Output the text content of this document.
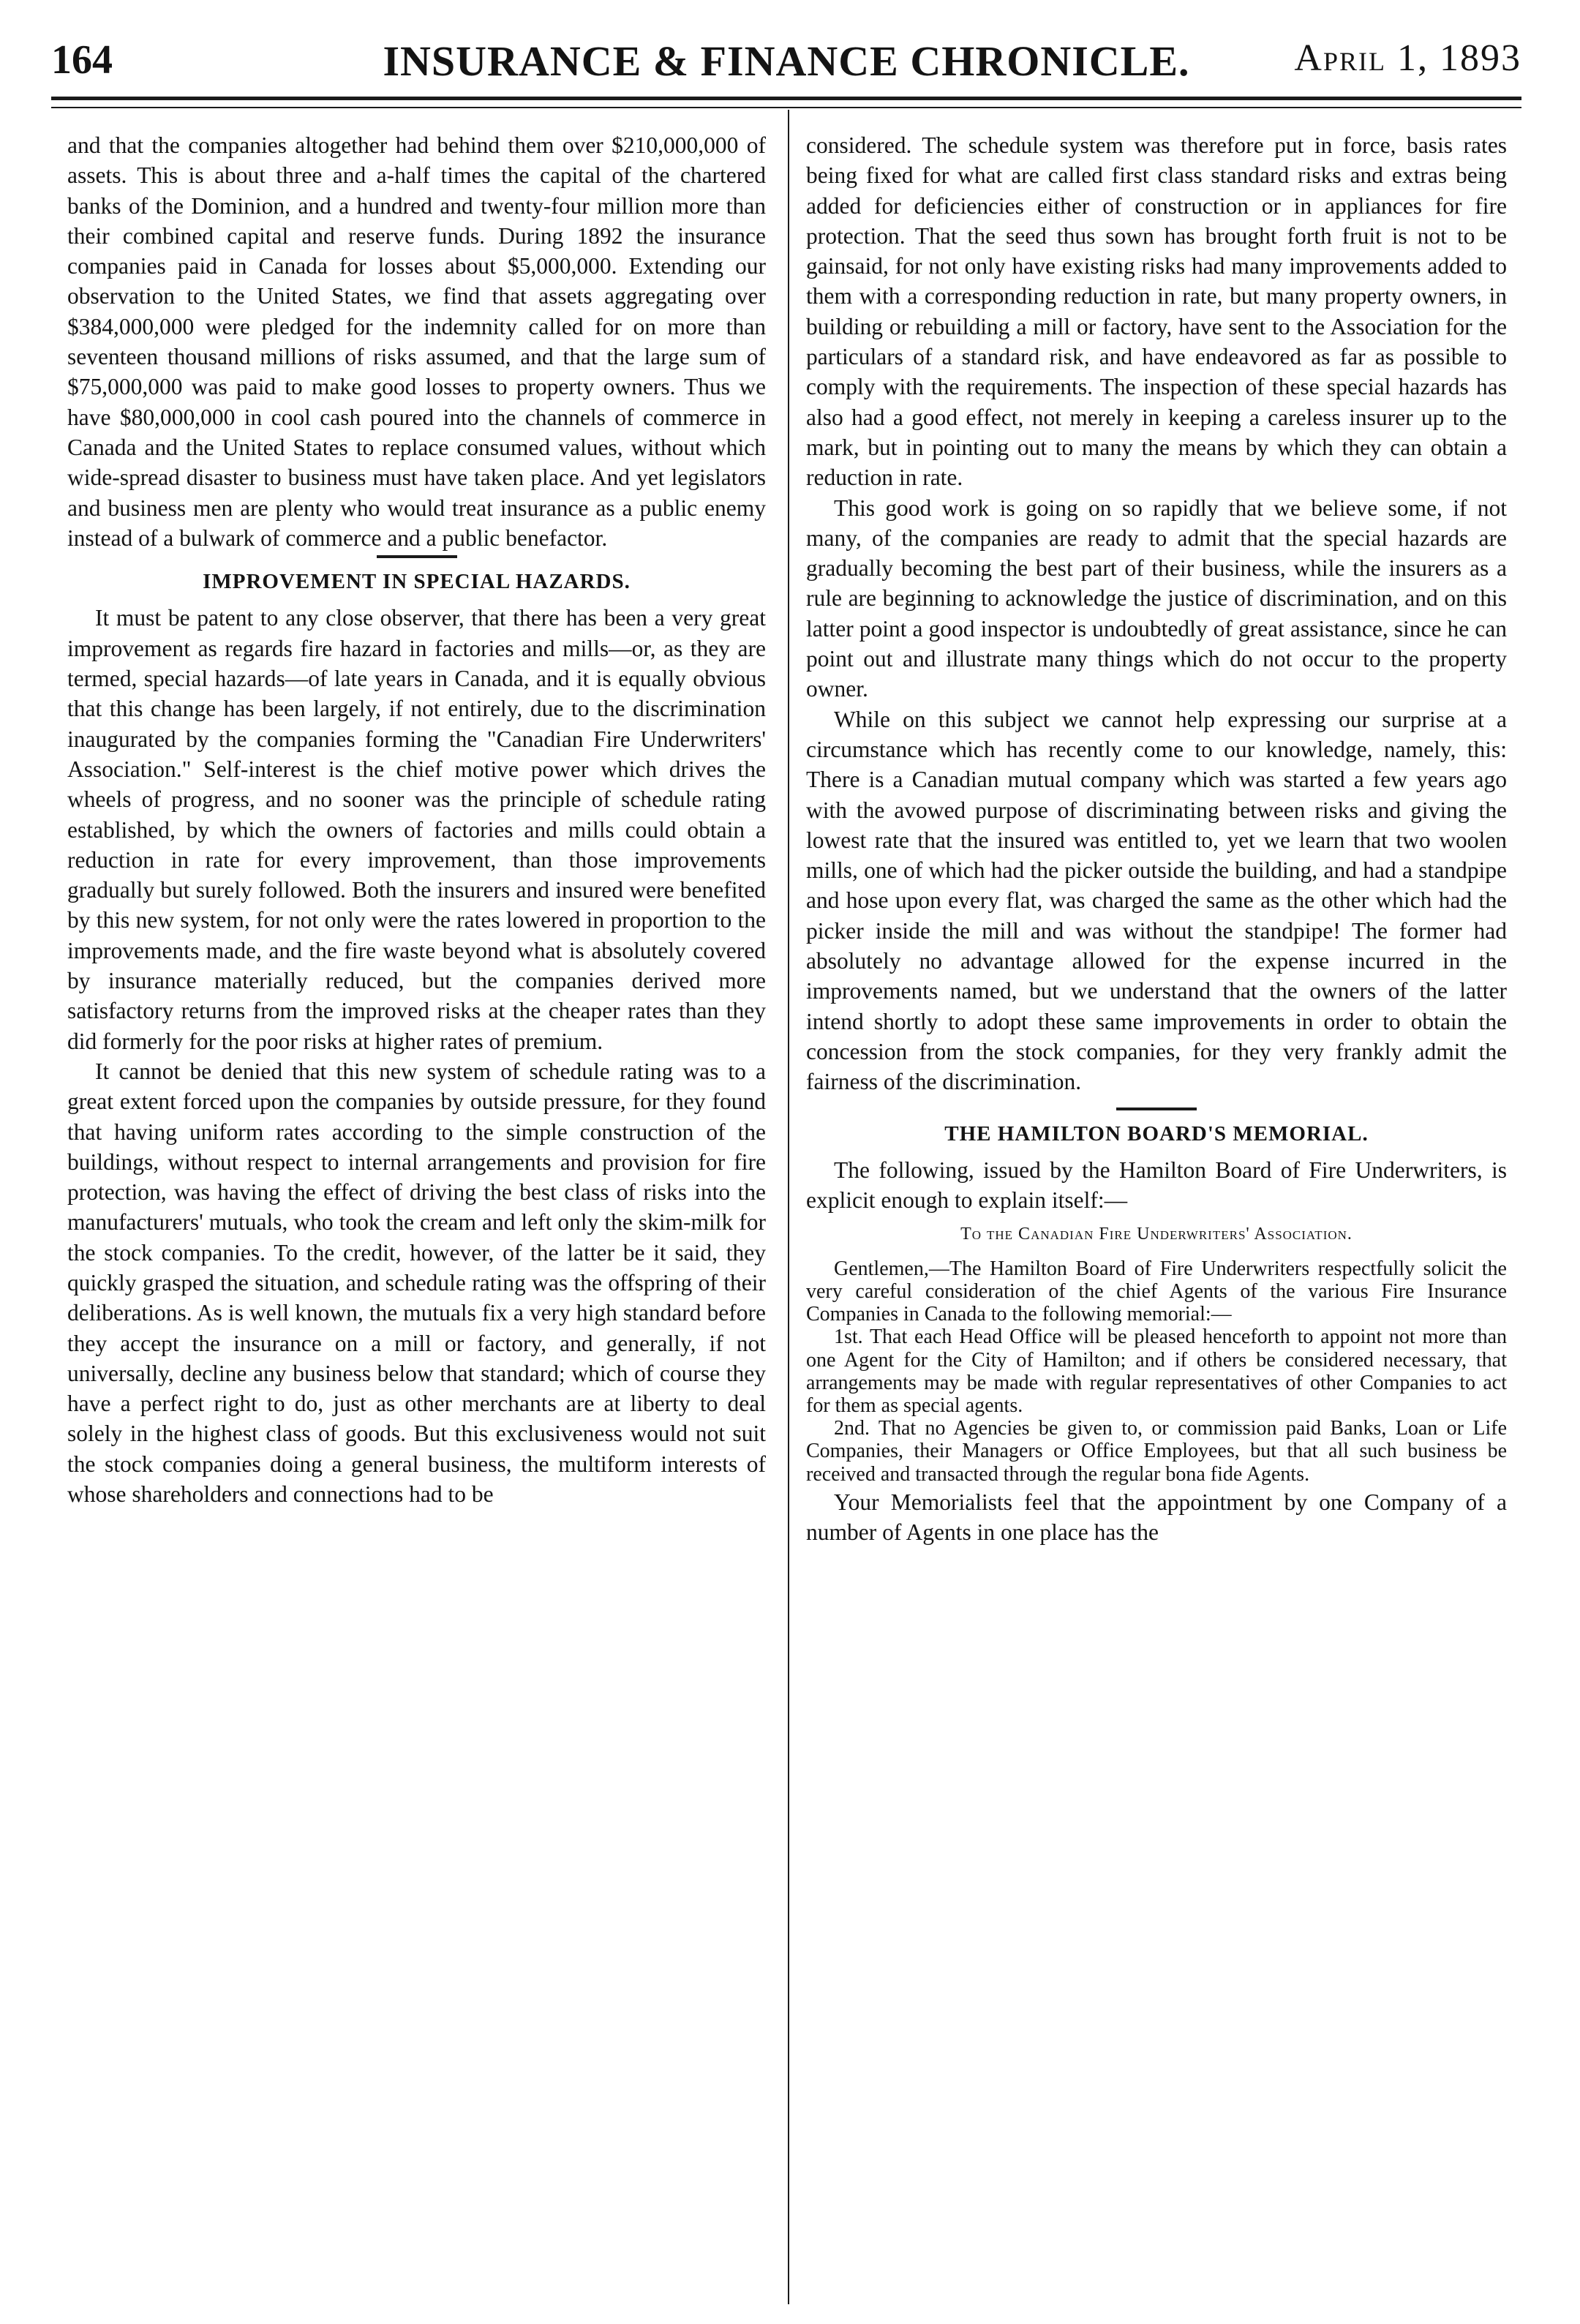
164	INSURANCE & FINANCE CHRONICLE.	April 1, 1893

and that the companies altogether had behind them over $210,000,000 of assets. This is about three and a-half times the capital of the chartered banks of the Dominion, and a hundred and twenty-four million more than their combined capital and reserve funds. During 1892 the insurance companies paid in Canada for losses about $5,000,000. Extending our observation to the United States, we find that assets aggregating over $384,000,000 were pledged for the indemnity called for on more than seventeen thousand millions of risks assumed, and that the large sum of $75,000,000 was paid to make good losses to property owners. Thus we have $80,000,000 in cool cash poured into the channels of commerce in Canada and the United States to replace consumed values, without which wide-spread disaster to business must have taken place. And yet legislators and business men are plenty who would treat insurance as a public enemy instead of a bulwark of commerce and a public benefactor.

IMPROVEMENT IN SPECIAL HAZARDS.

It must be patent to any close observer, that there has been a very great improvement as regards fire hazard in factories and mills—or, as they are termed, special hazards—of late years in Canada, and it is equally obvious that this change has been largely, if not entirely, due to the discrimination inaugurated by the companies forming the "Canadian Fire Underwriters' Association." Self-interest is the chief motive power which drives the wheels of progress, and no sooner was the principle of schedule rating established, by which the owners of factories and mills could obtain a reduction in rate for every improvement, than those improvements gradually but surely followed. Both the insurers and insured were benefited by this new system, for not only were the rates lowered in proportion to the improvements made, and the fire waste beyond what is absolutely covered by insurance materially reduced, but the companies derived more satisfactory returns from the improved risks at the cheaper rates than they did formerly for the poor risks at higher rates of premium.

It cannot be denied that this new system of schedule rating was to a great extent forced upon the companies by outside pressure, for they found that having uniform rates according to the simple construction of the buildings, without respect to internal arrangements and provision for fire protection, was having the effect of driving the best class of risks into the manufacturers' mutuals, who took the cream and left only the skim-milk for the stock companies. To the credit, however, of the latter be it said, they quickly grasped the situation, and schedule rating was the offspring of their deliberations. As is well known, the mutuals fix a very high standard before they accept the insurance on a mill or factory, and generally, if not universally, decline any business below that standard; which of course they have a perfect right to do, just as other merchants are at liberty to deal solely in the highest class of goods. But this exclusiveness would not suit the stock companies doing a general business, the multiform interests of whose shareholders and connections had to be

considered. The schedule system was therefore put in force, basis rates being fixed for what are called first class standard risks and extras being added for deficiencies either of construction or in appliances for fire protection. That the seed thus sown has brought forth fruit is not to be gainsaid, for not only have existing risks had many improvements added to them with a corresponding reduction in rate, but many property owners, in building or rebuilding a mill or factory, have sent to the Association for the particulars of a standard risk, and have endeavored as far as possible to comply with the requirements. The inspection of these special hazards has also had a good effect, not merely in keeping a careless insurer up to the mark, but in pointing out to many the means by which they can obtain a reduction in rate.

This good work is going on so rapidly that we believe some, if not many, of the companies are ready to admit that the special hazards are gradually becoming the best part of their business, while the insurers as a rule are beginning to acknowledge the justice of discrimination, and on this latter point a good inspector is undoubtedly of great assistance, since he can point out and illustrate many things which do not occur to the property owner.

While on this subject we cannot help expressing our surprise at a circumstance which has recently come to our knowledge, namely, this: There is a Canadian mutual company which was started a few years ago with the avowed purpose of discriminating between risks and giving the lowest rate that the insured was entitled to, yet we learn that two woolen mills, one of which had the picker outside the building, and had a standpipe and hose upon every flat, was charged the same as the other which had the picker inside the mill and was without the standpipe! The former had absolutely no advantage allowed for the expense incurred in the improvements named, but we understand that the owners of the latter intend shortly to adopt these same improvements in order to obtain the concession from the stock companies, for they very frankly admit the fairness of the discrimination.

THE HAMILTON BOARD'S MEMORIAL.

The following, issued by the Hamilton Board of Fire Underwriters, is explicit enough to explain itself:—

To the Canadian Fire Underwriters' Association.

Gentlemen,—The Hamilton Board of Fire Underwriters respectfully solicit the very careful consideration of the chief Agents of the various Fire Insurance Companies in Canada to the following memorial:—

1st. That each Head Office will be pleased henceforth to appoint not more than one Agent for the City of Hamilton; and if others be considered necessary, that arrangements may be made with regular representatives of other Companies to act for them as special agents.

2nd. That no Agencies be given to, or commission paid Banks, Loan or Life Companies, their Managers or Office Employees, but that all such business be received and transacted through the regular bona fide Agents.

Your Memorialists feel that the appointment by one Company of a number of Agents in one place has the
